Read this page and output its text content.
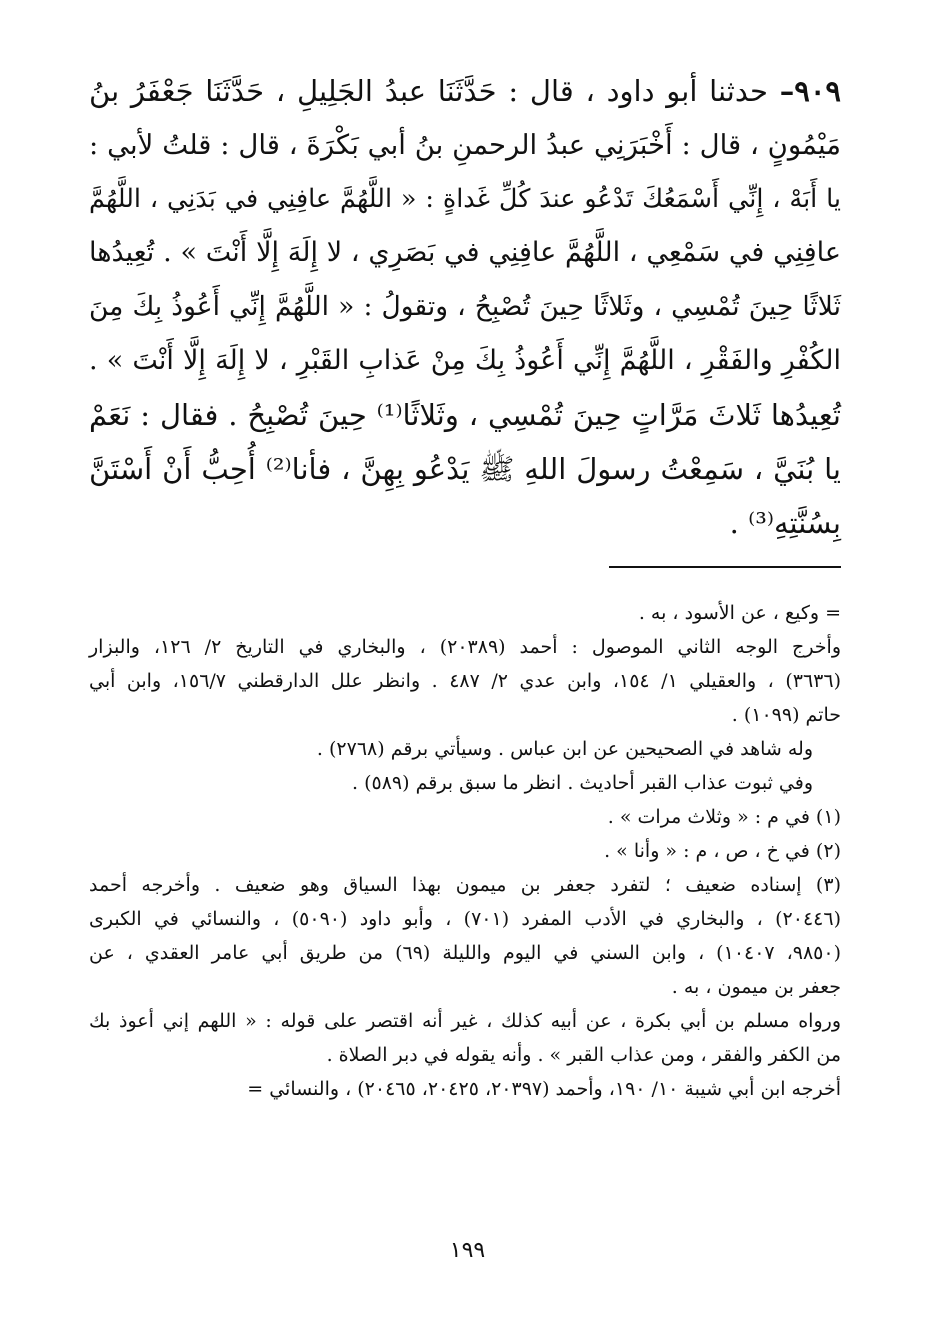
٩٠٩– حدثنا أبو داود ، قال : حَدَّثَنَا عبدُ الجَلِيلِ ، حَدَّثَنَا جَعْفَرُ بنُ
مَيْمُونٍ ، قال : أَخْبَرَنِي عبدُ الرحمنِ بنُ أبي بَكْرَةَ ، قال : قلتُ لأبي :
يا أَبَهْ ، إِنِّي أَسْمَعُكَ تَدْعُو عندَ كُلِّ غَداةٍ : « اللَّهُمَّ عافِنِي في بَدَنِي ، اللَّهُمَّ
عافِنِي في سَمْعِي ، اللَّهُمَّ عافِنِي في بَصَرِي ، لا إِلَهَ إِلَّا أَنْتَ » . تُعِيدُها
ثَلاثًا حِينَ تُمْسِي ، وثَلاثًا حِينَ تُصْبِحُ ، وتقولُ : « اللَّهُمَّ إِنِّي أَعُوذُ بِكَ مِنَ
الكُفْرِ والفَقْرِ ، اللَّهُمَّ إِنِّي أَعُوذُ بِكَ مِنْ عَذابِ القَبْرِ ، لا إِلَهَ إِلَّا أَنْتَ » .
تُعِيدُها ثَلاثَ مَرَّاتٍ حِينَ تُمْسِي ، وثَلاثًا⁽¹⁾ حِينَ تُصْبِحُ . فقال : نَعَمْ
يا بُنَيَّ ، سَمِعْتُ رسولَ اللهِ ﷺ يَدْعُو بِهِنَّ ، فأنا⁽²⁾ أُحِبُّ أَنْ أَسْتَنَّ
بِسُنَّتِهِ⁽³⁾ .
= وكيع ، عن الأسود ، به .
وأخرج الوجه الثاني الموصول : أحمد (٢٠٣٨٩) ، والبخاري في التاريخ ٢/ ١٢٦، والبزار
(٣٦٣٦) ، والعقيلي ١/ ١٥٤، وابن عدي ٢/ ٤٨٧ . وانظر علل الدارقطني ١٥٦/٧، وابن أبي
حاتم (١٠٩٩) .
وله شاهد في الصحيحين عن ابن عباس . وسيأتي برقم (٢٧٦٨) .
وفي ثبوت عذاب القبر أحاديث . انظر ما سبق برقم (٥٨٩) .
(١) في م : « وثلاث مرات » .
(٢) في خ ، ص ، م : « وأنا » .
(٣) إسناده ضعيف ؛ لتفرد جعفر بن ميمون بهذا السياق وهو ضعيف . وأخرجه أحمد
(٢٠٤٤٦) ، والبخاري في الأدب المفرد (٧٠١) ، وأبو داود (٥٠٩٠) ، والنسائي في الكبرى
(٩٨٥٠، ١٠٤٠٧) ، وابن السني في اليوم والليلة (٦٩) من طريق أبي عامر العقدي ، عن
جعفر بن ميمون ، به .
ورواه مسلم بن أبي بكرة ، عن أبيه كذلك ، غير أنه اقتصر على قوله : « اللهم إني أعوذ بك
من الكفر والفقر ، ومن عذاب القبر » . وأنه يقوله في دبر الصلاة .
أخرجه ابن أبي شيبة ١٠/ ١٩٠، وأحمد (٢٠٣٩٧، ٢٠٤٢٥، ٢٠٤٦٥) ، والنسائي =
١٩٩
